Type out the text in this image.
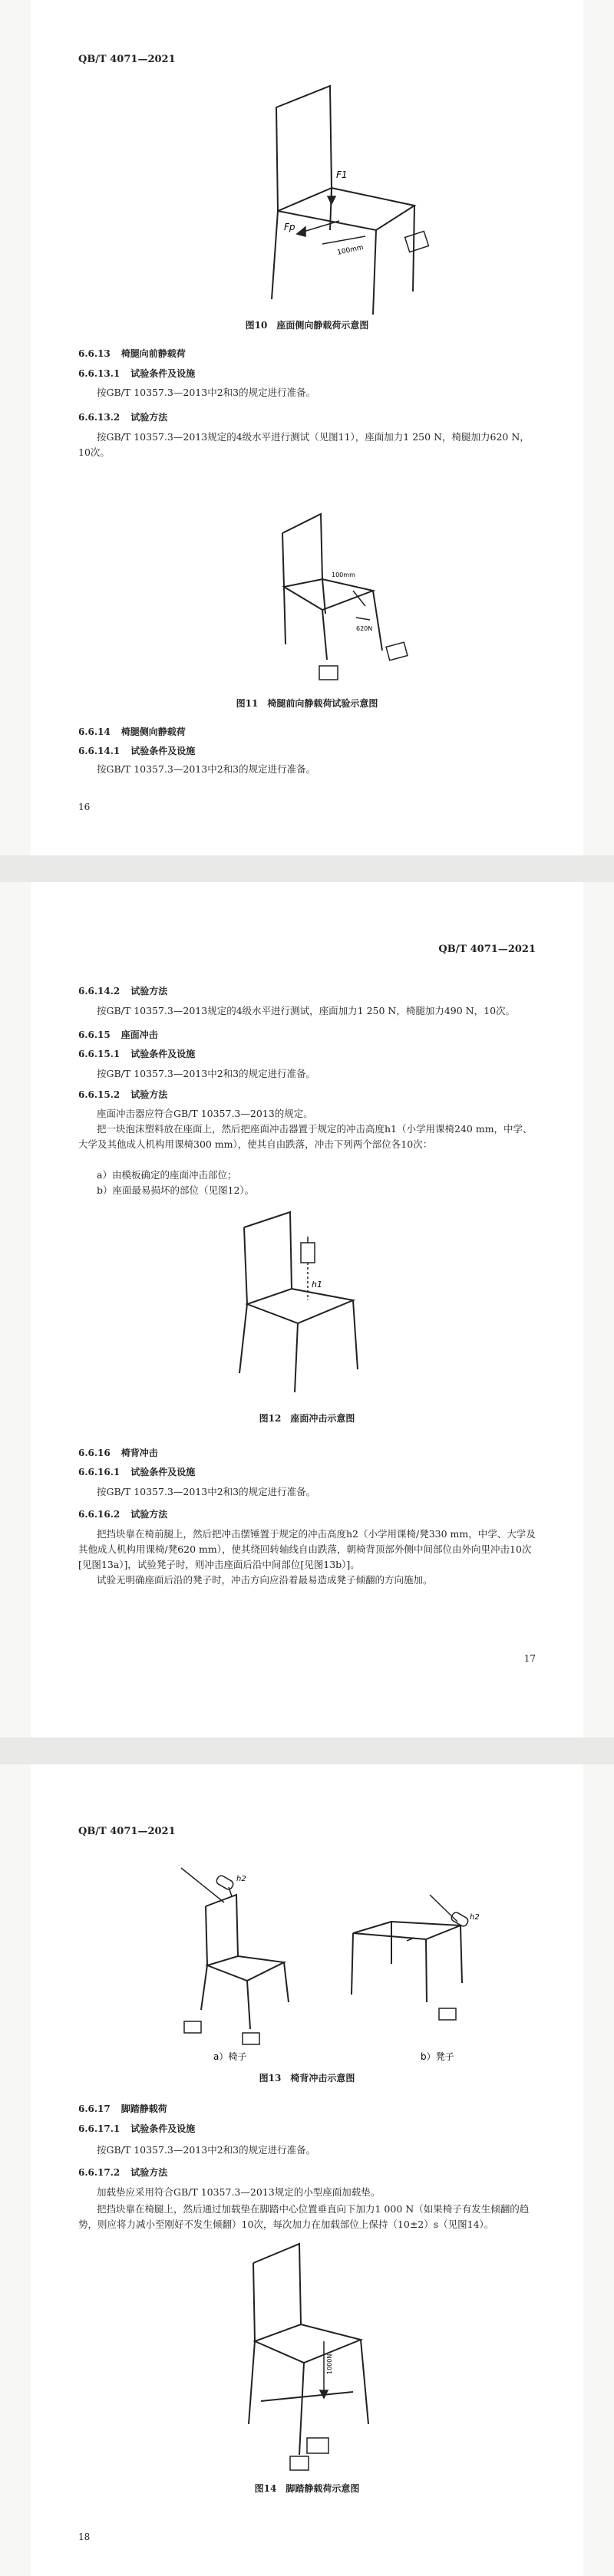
QB/T 4071—2021
F1
Fp
100mm
图10　座面侧向静载荷示意图
6.6.13 椅腿向前静载荷
6.6.13.1 试验条件及设施
按GB/T 10357.3—2013中2和3的规定进行准备。
6.6.13.2 试验方法
按GB/T 10357.3—2013规定的4级水平进行测试（见图11），座面加力1 250 N，椅腿加力620 N，10次。
100mm
620N
图11　椅腿前向静载荷试验示意图
6.6.14 椅腿侧向静载荷
6.6.14.1 试验条件及设施
按GB/T 10357.3—2013中2和3的规定进行准备。
16
QB/T 4071—2021
6.6.14.2 试验方法
按GB/T 10357.3—2013规定的4级水平进行测试，座面加力1 250 N，椅腿加力490 N，10次。
6.6.15 座面冲击
6.6.15.1 试验条件及设施
按GB/T 10357.3—2013中2和3的规定进行准备。
6.6.15.2 试验方法
座面冲击器应符合GB/T 10357.3—2013的规定。
把一块泡沫塑料放在座面上，然后把座面冲击器置于规定的冲击高度h1（小学用课椅240 mm，中学、大学及其他成人机构用课椅300 mm），使其自由跌落，冲击下列两个部位各10次：
a）由模板确定的座面冲击部位；
b）座面最易损坏的部位（见图12）。
h1
图12　座面冲击示意图
6.6.16 椅背冲击
6.6.16.1 试验条件及设施
按GB/T 10357.3—2013中2和3的规定进行准备。
6.6.16.2 试验方法
把挡块靠在椅前腿上，然后把冲击摆锤置于规定的冲击高度h2（小学用课椅/凳330 mm，中学、大学及其他成人机构用课椅/凳620 mm），使其绕回转轴线自由跌落，朝椅背顶部外侧中间部位由外向里冲击10次[见图13a）]，试验凳子时，则冲击座面后沿中间部位[见图13b）]。
试验无明确座面后沿的凳子时，冲击方向应沿着最易造成凳子倾翻的方向施加。
17
QB/T 4071—2021
h2
h2
a）椅子	b）凳子
图13　椅背冲击示意图
6.6.17 脚踏静载荷
6.6.17.1 试验条件及设施
按GB/T 10357.3—2013中2和3的规定进行准备。
6.6.17.2 试验方法
加载垫应采用符合GB/T 10357.3—2013规定的小型座面加载垫。
把挡块靠在椅腿上，然后通过加载垫在脚踏中心位置垂直向下加力1 000 N（如果椅子有发生倾翻的趋势，则应将力减小至刚好不发生倾翻）10次，每次加力在加载部位上保持（10±2）s（见图14）。
1000N
图14　脚踏静载荷示意图
18
